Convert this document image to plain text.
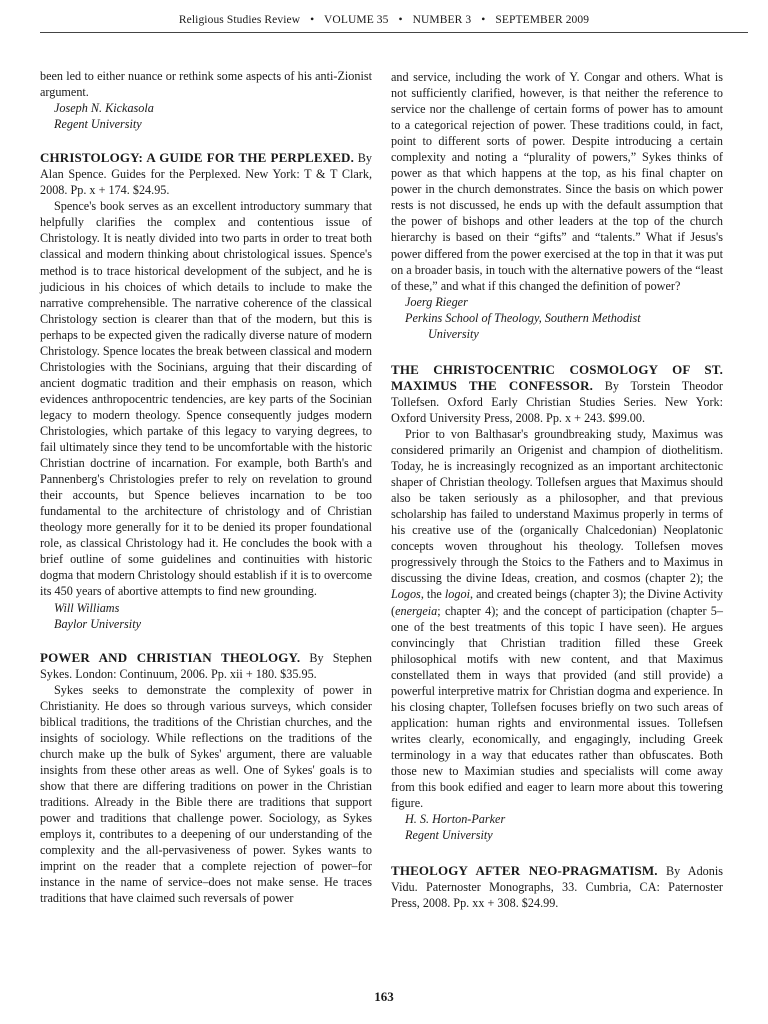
Religious Studies Review • VOLUME 35 • NUMBER 3 • SEPTEMBER 2009

been led to either nuance or rethink some aspects of his anti-Zionist argument.

Joseph N. Kickasola

Regent University

CHRISTOLOGY: A GUIDE FOR THE PERPLEXED. By Alan Spence. Guides for the Perplexed. New York: T & T Clark, 2008. Pp. x + 174. $24.95.

Spence's book serves as an excellent introductory summary that helpfully clarifies the complex and contentious issue of Christology. It is neatly divided into two parts in order to treat both classical and modern thinking about christological issues. Spence's method is to trace historical development of the subject, and he is judicious in his choices of which details to include to make the narrative comprehensible. The narrative coherence of the classical Christology section is clearer than that of the modern, but this is perhaps to be expected given the radically diverse nature of modern Christology. Spence locates the break between classical and modern Christologies with the Socinians, arguing that their discarding of ancient dogmatic tradition and their emphasis on reason, which evidences anthropocentric tendencies, are key parts of the Socinian legacy to modern theology. Spence consequently judges modern Christologies, which partake of this legacy to varying degrees, to fail ultimately since they tend to be uncomfortable with the historic Christian doctrine of incarnation. For example, both Barth's and Pannenberg's Christologies prefer to rely on revelation to ground their accounts, but Spence believes incarnation to be too fundamental to the architecture of christology and of Christian theology more generally for it to be denied its proper foundational role, as classical Christology had it. He concludes the book with a brief outline of some guidelines and continuities with historic dogma that modern Christology should establish if it is to overcome its 450 years of abortive attempts to find new grounding.

Will Williams

Baylor University

POWER AND CHRISTIAN THEOLOGY. By Stephen Sykes. London: Continuum, 2006. Pp. xii + 180. $35.95.

Sykes seeks to demonstrate the complexity of power in Christianity. He does so through various surveys, which consider biblical traditions, the traditions of the Christian churches, and the insights of sociology. While reflections on the traditions of the church make up the bulk of Sykes' argument, there are valuable insights from these other areas as well. One of Sykes' goals is to show that there are differing traditions on power in the Christian traditions. Already in the Bible there are traditions that support power and traditions that challenge power. Sociology, as Sykes employs it, contributes to a deepening of our understanding of the complexity and the all-pervasiveness of power. Sykes wants to imprint on the reader that a complete rejection of power–for instance in the name of service–does not make sense. He traces traditions that have claimed such reversals of power

and service, including the work of Y. Congar and others. What is not sufficiently clarified, however, is that neither the reference to service nor the challenge of certain forms of power has to amount to a categorical rejection of power. These traditions could, in fact, point to different sorts of power. Despite introducing a certain complexity and noting a “plurality of powers,” Sykes thinks of power as that which happens at the top, as his final chapter on power in the church demonstrates. Since the basis on which power rests is not discussed, he ends up with the default assumption that the power of bishops and other leaders at the top of the church hierarchy is based on their “gifts” and “talents.” What if Jesus's power differed from the power exercised at the top in that it was put on a broader basis, in touch with the alternative powers of the “least of these,” and what if this changed the definition of power?

Joerg Rieger

Perkins School of Theology, Southern Methodist

University

THE CHRISTOCENTRIC COSMOLOGY OF ST. MAXIMUS THE CONFESSOR. By Torstein Theodor Tollefsen. Oxford Early Christian Studies Series. New York: Oxford University Press, 2008. Pp. x + 243. $99.00.

Prior to von Balthasar's groundbreaking study, Maximus was considered primarily an Origenist and champion of diothelitism. Today, he is increasingly recognized as an important architectonic shaper of Christian theology. Tollefsen argues that Maximus should also be taken seriously as a philosopher, and that previous scholarship has failed to understand Maximus properly in terms of his creative use of the (organically Chalcedonian) Neoplatonic concepts woven throughout his theology. Tollefsen moves progressively through the Stoics to the Fathers and to Maximus in discussing the divine Ideas, creation, and cosmos (chapter 2); the Logos, the logoi, and created beings (chapter 3); the Divine Activity (energeia; chapter 4); and the concept of participation (chapter 5–one of the best treatments of this topic I have seen). He argues convincingly that Christian tradition filled these Greek philosophical motifs with new content, and that Maximus constellated them in ways that provided (and still provide) a powerful interpretive matrix for Christian dogma and experience. In his closing chapter, Tollefsen focuses briefly on two such areas of application: human rights and environmental issues. Tollefsen writes clearly, economically, and engagingly, including Greek terminology in a way that educates rather than obfuscates. Both those new to Maximian studies and specialists will come away from this book edified and eager to learn more about this towering figure.

H. S. Horton-Parker

Regent University

THEOLOGY AFTER NEO-PRAGMATISM. By Adonis Vidu. Paternoster Monographs, 33. Cumbria, CA: Paternoster Press, 2008. Pp. xx + 308. $24.99.

163
